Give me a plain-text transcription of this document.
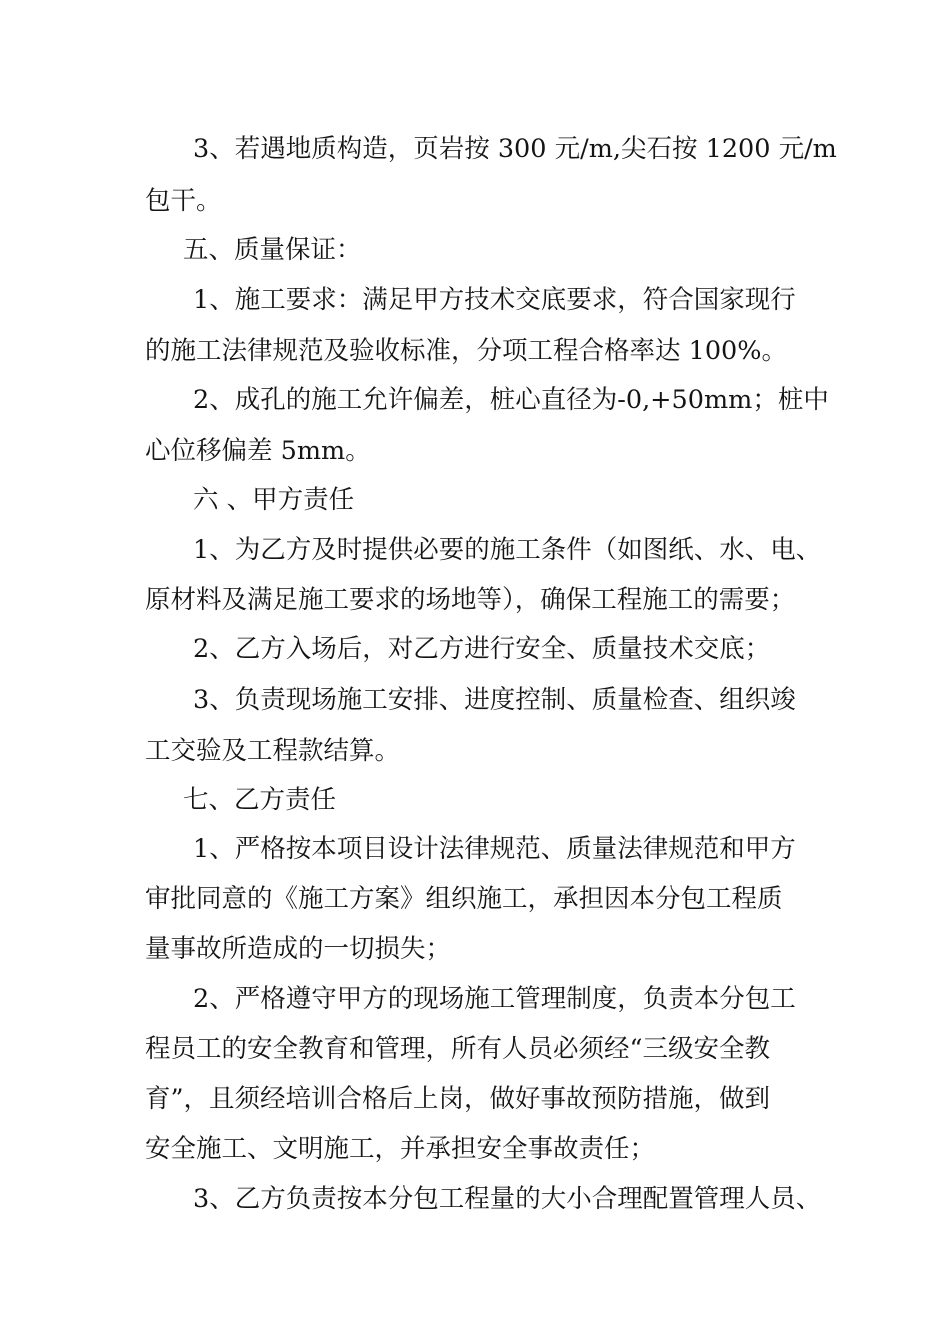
3、若遇地质构造，页岩按 300 元/m,尖石按 1200 元/m
包干。
五、质量保证：
1、施工要求：满足甲方技术交底要求，符合国家现行
的施工法律规范及验收标准，分项工程合格率达 100%。
2、成孔的施工允许偏差，桩心直径为-0,+50mm；桩中
心位移偏差 5mm。
六 、甲方责任
1、为乙方及时提供必要的施工条件（如图纸、水、电、
原材料及满足施工要求的场地等），确保工程施工的需要；
2、乙方入场后，对乙方进行安全、质量技术交底；
3、负责现场施工安排、进度控制、质量检查、组织竣
工交验及工程款结算。
七、乙方责任
1、严格按本项目设计法律规范、质量法律规范和甲方
审批同意的《施工方案》组织施工，承担因本分包工程质
量事故所造成的一切损失；
2、严格遵守甲方的现场施工管理制度，负责本分包工
程员工的安全教育和管理，所有人员必须经“三级安全教
育”，且须经培训合格后上岗，做好事故预防措施，做到
安全施工、文明施工，并承担安全事故责任；
3、乙方负责按本分包工程量的大小合理配置管理人员、
